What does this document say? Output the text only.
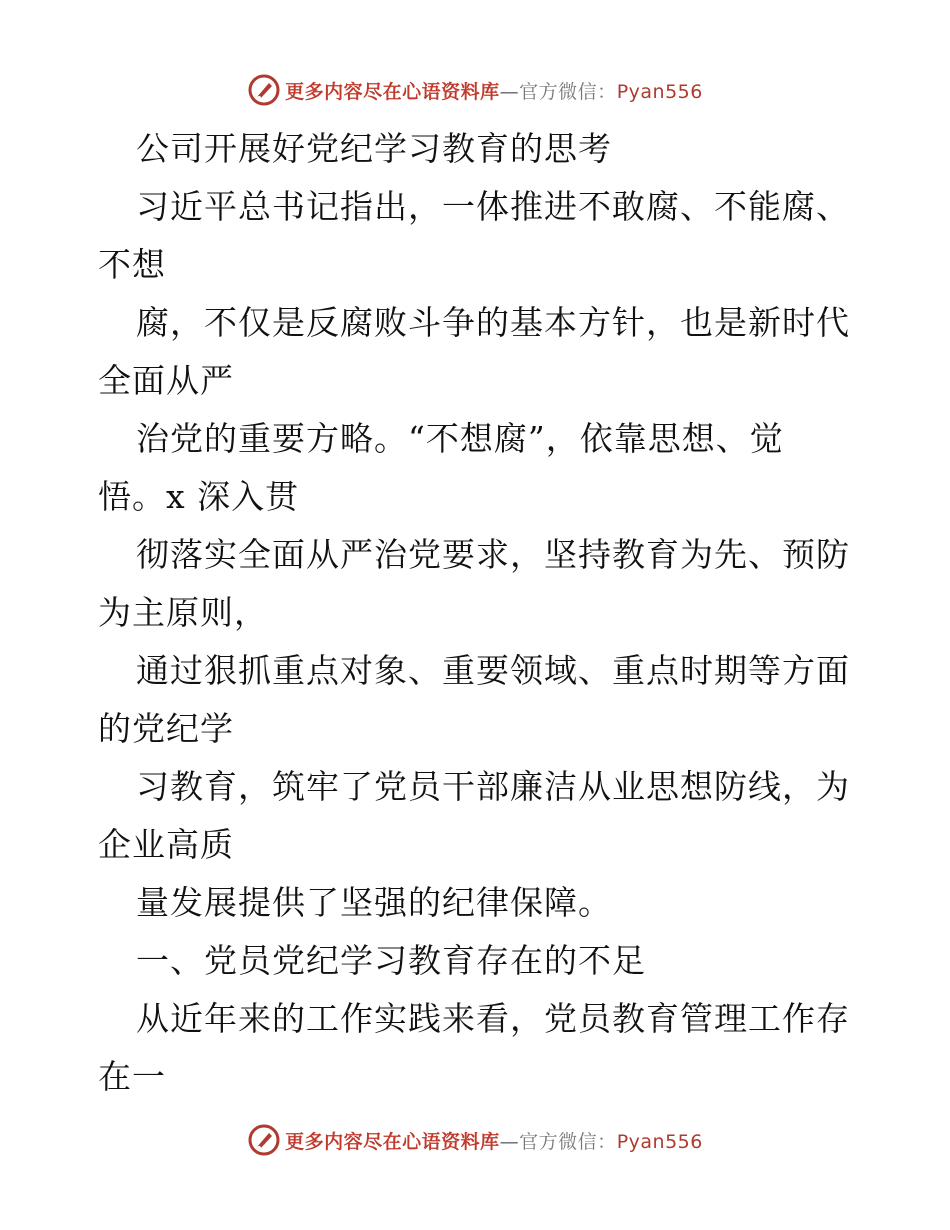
更多内容尽在心语资料库—官方微信：Pyan556
公司开展好党纪学习教育的思考
习近平总书记指出，一体推进不敢腐、不能腐、
不想
腐，不仅是反腐败斗争的基本方针，也是新时代
全面从严
治党的重要方略。“不想腐”，依靠思想、觉
悟。x 深入贯
彻落实全面从严治党要求，坚持教育为先、预防
为主原则，
通过狠抓重点对象、重要领域、重点时期等方面
的党纪学
习教育，筑牢了党员干部廉洁从业思想防线，为
企业高质
量发展提供了坚强的纪律保障。
一、党员党纪学习教育存在的不足
从近年来的工作实践来看，党员教育管理工作存
在一
更多内容尽在心语资料库—官方微信：Pyan556
